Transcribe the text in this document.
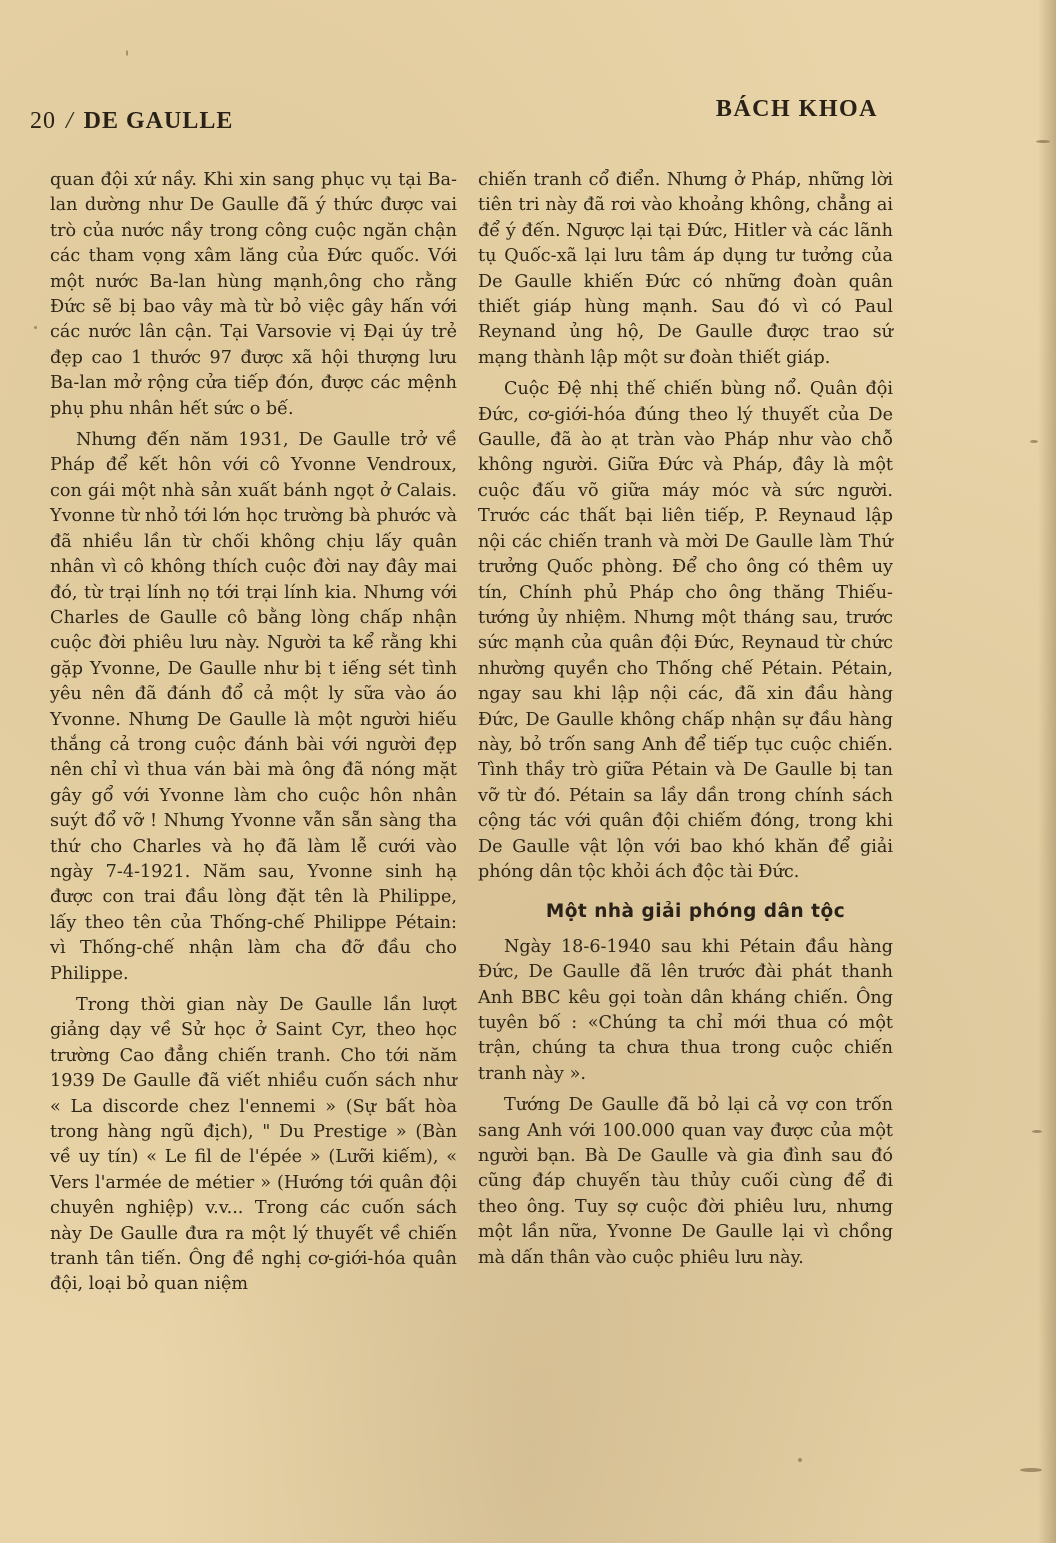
20 / DE GAULLE	BÁCH KHOA

quan đội xứ nầy. Khi xin sang phục vụ tại Ba-lan dường như De Gaulle đã ý thức được vai trò của nước nầy trong công cuộc ngăn chận các tham vọng xâm lăng của Đức quốc. Với một nước Ba-lan hùng mạnh,ông cho rằng Đức sẽ bị bao vây mà từ bỏ việc gây hấn với các nước lân cận. Tại Varsovie vị Đại úy trẻ đẹp cao 1 thước 97 được xã hội thượng lưu Ba-lan mở rộng cửa tiếp đón, được các mệnh phụ phu nhân hết sức o bế.

Nhưng đến năm 1931, De Gaulle trở về Pháp để kết hôn với cô Yvonne Vendroux, con gái một nhà sản xuất bánh ngọt ở Calais. Yvonne từ nhỏ tới lớn học trường bà phước và đã nhiều lần từ chối không chịu lấy quân nhân vì cô không thích cuộc đời nay đây mai đó, từ trại lính nọ tới trại lính kia. Nhưng với Charles de Gaulle cô bằng lòng chấp nhận cuộc đời phiêu lưu này. Người ta kể rằng khi gặp Yvonne, De Gaulle như bị t iếng sét tình yêu nên đã đánh đổ cả một ly sữa vào áo Yvonne. Nhưng De Gaulle là một người hiếu thắng cả trong cuộc đánh bài với người đẹp nên chỉ vì thua ván bài mà ông đã nóng mặt gây gổ với Yvonne làm cho cuộc hôn nhân suýt đổ vỡ ! Nhưng Yvonne vẫn sẵn sàng tha thứ cho Charles và họ đã làm lễ cưới vào ngày 7-4-1921. Năm sau, Yvonne sinh hạ được con trai đầu lòng đặt tên là Philippe, lấy theo tên của Thống-chế Philippe Pétain: vì Thống-chế nhận làm cha đỡ đầu cho Philippe.

Trong thời gian này De Gaulle lần lượt giảng dạy về Sử học ở Saint Cyr, theo học trường Cao đẳng chiến tranh. Cho tới năm 1939 De Gaulle đã viết nhiều cuốn sách như « La discorde chez l'ennemi » (Sự bất hòa trong hàng ngũ địch), " Du Prestige » (Bàn về uy tín) « Le fil de l'épée » (Lưỡi kiếm), « Vers l'armée de métier » (Hướng tới quân đội chuyên nghiệp) v.v... Trong các cuốn sách này De Gaulle đưa ra một lý thuyết về chiến tranh tân tiến. Ông đề nghị cơ-giới-hóa quân đội, loại bỏ quan niệm

chiến tranh cổ điển. Nhưng ở Pháp, những lời tiên tri này đã rơi vào khoảng không, chẳng ai để ý đến. Ngược lại tại Đức, Hitler và các lãnh tụ Quốc-xã lại lưu tâm áp dụng tư tưởng của De Gaulle khiến Đức có những đoàn quân thiết giáp hùng mạnh. Sau đó vì có Paul Reynand ủng hộ, De Gaulle được trao sứ mạng thành lập một sư đoàn thiết giáp.

Cuộc Đệ nhị thế chiến bùng nổ. Quân đội Đức, cơ-giới-hóa đúng theo lý thuyết của De Gaulle, đã ào ạt tràn vào Pháp như vào chỗ không người. Giữa Đức và Pháp, đây là một cuộc đấu võ giữa máy móc và sức người. Trước các thất bại liên tiếp, P. Reynaud lập nội các chiến tranh và mời De Gaulle làm Thứ trưởng Quốc phòng. Để cho ông có thêm uy tín, Chính phủ Pháp cho ông thăng Thiếu-tướng ủy nhiệm. Nhưng một tháng sau, trước sức mạnh của quân đội Đức, Reynaud từ chức nhường quyền cho Thống chế Pétain. Pétain, ngay sau khi lập nội các, đã xin đầu hàng Đức, De Gaulle không chấp nhận sự đầu hàng này, bỏ trốn sang Anh để tiếp tục cuộc chiến. Tình thầy trò giữa Pétain và De Gaulle bị tan vỡ từ đó. Pétain sa lầy dần trong chính sách cộng tác với quân đội chiếm đóng, trong khi De Gaulle vật lộn với bao khó khăn để giải phóng dân tộc khỏi ách độc tài Đức.

Một nhà giải phóng dân tộc

Ngày 18-6-1940 sau khi Pétain đầu hàng Đức, De Gaulle đã lên trước đài phát thanh Anh BBC kêu gọi toàn dân kháng chiến. Ông tuyên bố : «Chúng ta chỉ mới thua có một trận, chúng ta chưa thua trong cuộc chiến tranh này ».

Tướng De Gaulle đã bỏ lại cả vợ con trốn sang Anh với 100.000 quan vay được của một người bạn. Bà De Gaulle và gia đình sau đó cũng đáp chuyến tàu thủy cuối cùng để đi theo ông. Tuy sợ cuộc đời phiêu lưu, nhưng một lần nữa, Yvonne De Gaulle lại vì chồng mà dấn thân vào cuộc phiêu lưu này.
